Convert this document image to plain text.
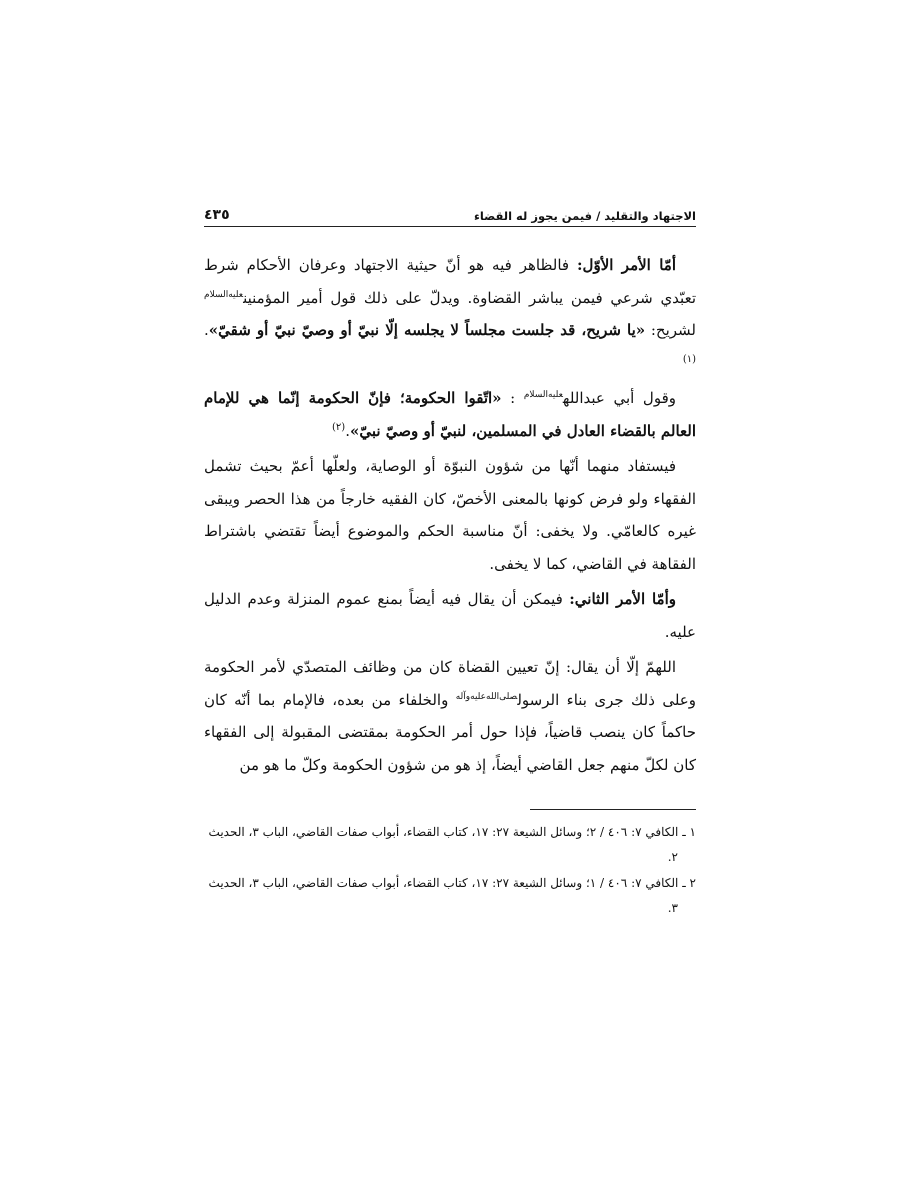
الاجتهاد والتقليد / فيمن يجوز له القضاء
٤٣٥

أمّا الأمر الأوّل: فالظاهر فيه هو أنّ حيثية الاجتهاد وعرفان الأحكام شرط تعبّدي شرعي فيمن يباشر القضاوة. ويدلّ على ذلك قول أمير المؤمنين$^{عليه‌السلام}$ لشريح: «يا شريح، قد جلست مجلساً لا يجلسه إلّا نبيّ أو وصيّ نبيّ أو شقيّ».$^{(١)}$

وقول أبي عبدالله$^{عليه‌السلام}$ : «اتّقوا الحكومة؛ فإنّ الحكومة إنّما هي للإمام العالم بالقضاء العادل في المسلمين، لنبيّ أو وصيّ نبيّ».$^{(٢)}$

فيستفاد منهما أنّها من شؤون النبوّة أو الوصاية، ولعلّها أعمّ بحيث تشمل الفقهاء ولو فرض كونها بالمعنى الأخصّ، كان الفقيه خارجاً من هذا الحصر ويبقى غيره كالعامّي. ولا يخفى: أنّ مناسبة الحكم والموضوع أيضاً تقتضي باشتراط الفقاهة في القاضي، كما لا يخفى.

وأمّا الأمر الثاني: فيمكن أن يقال فيه أيضاً بمنع عموم المنزلة وعدم الدليل عليه.

اللهمّ إلّا أن يقال: إنّ تعيين القضاة كان من وظائف المتصدّي لأمر الحكومة وعلى ذلك جرى بناء الرسول$^{صلى‌الله‌عليه‌وآله}$ والخلفاء من بعده، فالإمام بما أنّه كان حاكماً كان ينصب قاضياً، فإذا حول أمر الحكومة بمقتضى المقبولة إلى الفقهاء كان لكلّ منهم جعل القاضي أيضاً، إذ هو من شؤون الحكومة وكلّ ما هو من

١ ـ الكافي ٧: ٤٠٦ / ٢؛ وسائل الشيعة ٢٧: ١٧، كتاب القضاء، أبواب صفات القاضي، الباب ٣، الحديث ٢.

٢ ـ الكافي ٧: ٤٠٦ / ١؛ وسائل الشيعة ٢٧: ١٧، كتاب القضاء، أبواب صفات القاضي، الباب ٣، الحديث ٣.
